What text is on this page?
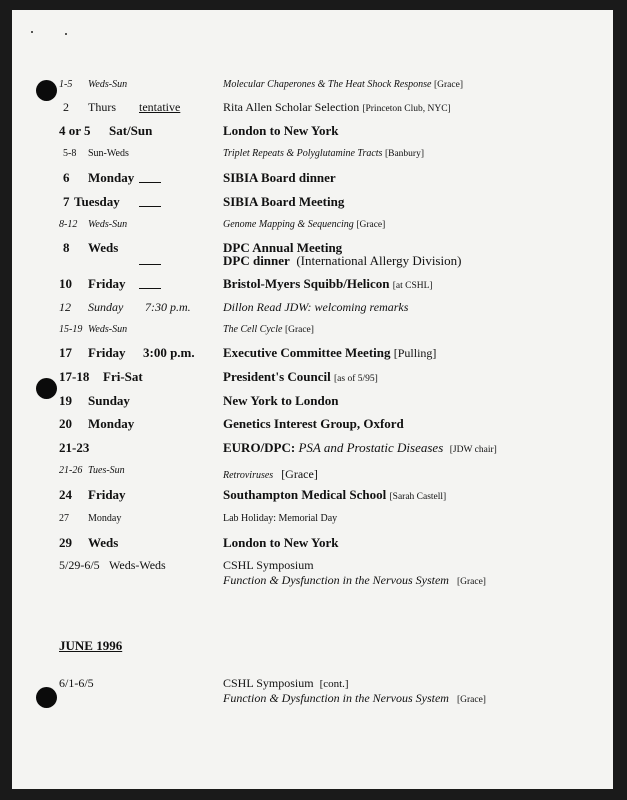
1-5 Weds-Sun	Molecular Chaperones & The Heat Shock Response [Grace]
2 Thurs tentative	Rita Allen Scholar Selection [Princeton Club, NYC]
4 or 5 Sat/Sun	London to New York
5-8 Sun-Weds	Triplet Repeats & Polyglutamine Tracts [Banbury]
6 Monday	SIBIA Board dinner
7 Tuesday	SIBIA Board Meeting
8-12 Weds-Sun	Genome Mapping & Sequencing [Grace]
8 Weds	DPC Annual Meeting
DPC dinner (International Allergy Division)
10 Friday	Bristol-Myers Squibb/Helicon [at CSHL]
12 Sunday 7:30 p.m.	Dillon Read JDW: welcoming remarks
15-19 Weds-Sun	The Cell Cycle [Grace]
17 Friday 3:00 p.m. Executive Committee Meeting [Pulling]
17-18 Fri-Sat	President's Council [as of 5/95]
19 Sunday	New York to London
20 Monday	Genetics Interest Group, Oxford
21-23	EURO/DPC: PSA and Prostatic Diseases [JDW chair]
21-26 Tues-Sun	Retroviruses [Grace]
24 Friday	Southampton Medical School [Sarah Castell]
27 Monday	Lab Holiday: Memorial Day
29 Weds	London to New York
5/29-6/5 Weds-Weds	CSHL Symposium
Function & Dysfunction in the Nervous System [Grace]
JUNE 1996
6/1-6/5	CSHL Symposium [cont.]
Function & Dysfunction in the Nervous System [Grace]
